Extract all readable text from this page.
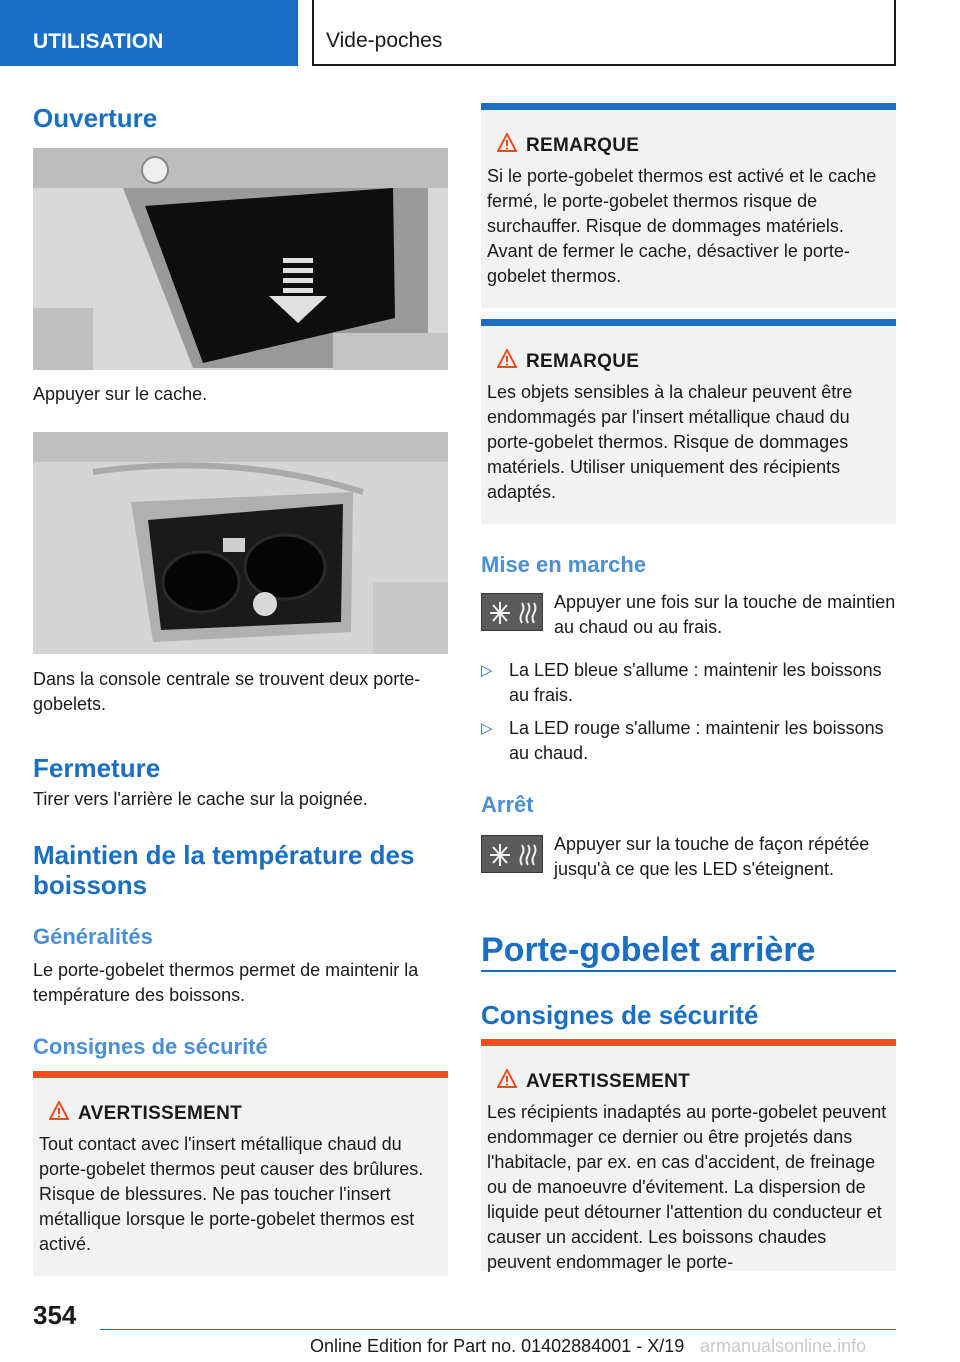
UTILISATION	Vide-poches
Ouverture
Appuyer sur le cache.
Dans la console centrale se trouvent deux porte-gobelets.
Fermeture
Tirer vers l'arrière le cache sur la poignée.
Maintien de la température des boissons
Généralités
Le porte-gobelet thermos permet de maintenir la température des boissons.
Consignes de sécurité
AVERTISSEMENT
Tout contact avec l'insert métallique chaud du porte-gobelet thermos peut causer des brûlures. Risque de blessures. Ne pas toucher l'insert métallique lorsque le porte-gobelet thermos est activé.
REMARQUE
Si le porte-gobelet thermos est activé et le cache fermé, le porte-gobelet thermos risque de surchauffer. Risque de dommages matériels. Avant de fermer le cache, désactiver le porte-gobelet thermos.
REMARQUE
Les objets sensibles à la chaleur peuvent être endommagés par l'insert métallique chaud du porte-gobelet thermos. Risque de dommages matériels. Utiliser uniquement des récipients adaptés.
Mise en marche
Appuyer une fois sur la touche de maintien au chaud ou au frais.
▷ La LED bleue s'allume : maintenir les boissons au frais.
▷ La LED rouge s'allume : maintenir les boissons au chaud.
Arrêt
Appuyer sur la touche de façon répétée jusqu'à ce que les LED s'éteignent.
Porte-gobelet arrière
Consignes de sécurité
AVERTISSEMENT
Les récipients inadaptés au porte-gobelet peuvent endommager ce dernier ou être projetés dans l'habitacle, par ex. en cas d'accident, de freinage ou de manoeuvre d'évitement. La dispersion de liquide peut détourner l'attention du conducteur et causer un accident. Les boissons chaudes peuvent endommager le porte-
354
Online Edition for Part no. 01402884001 - X/19 armanualsonline.info
